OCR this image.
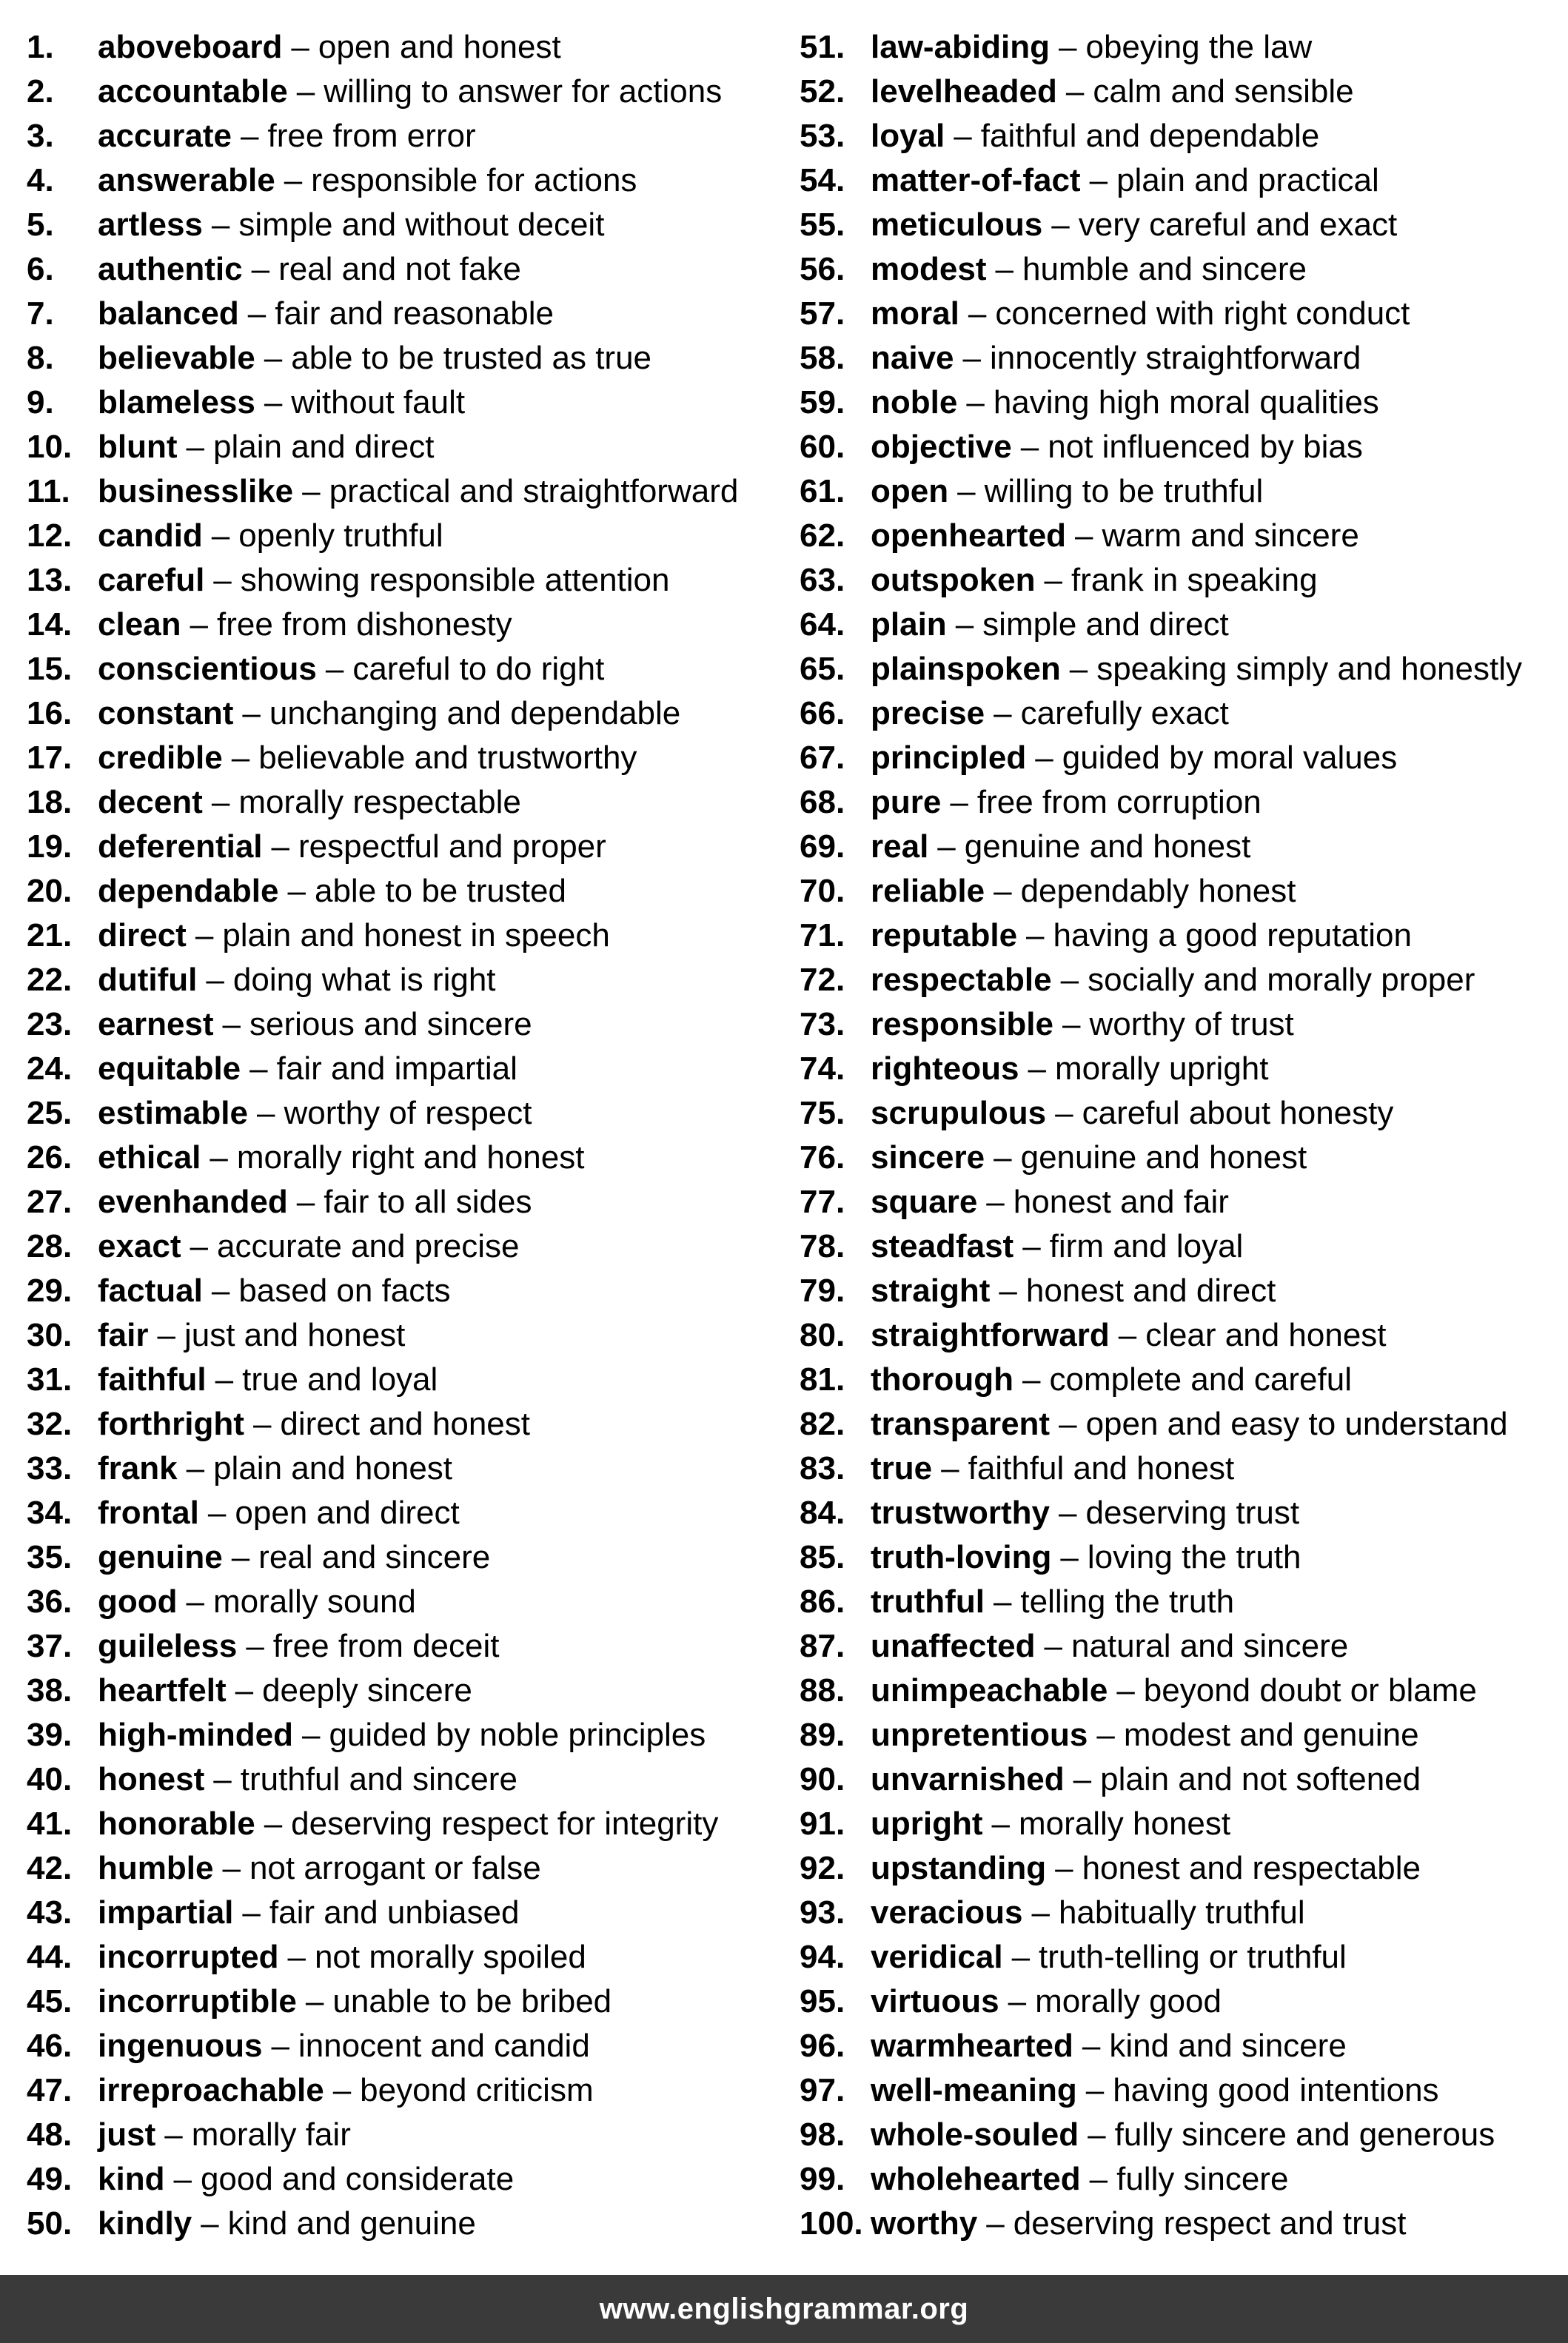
1.	aboveboard – open and honest
2.	accountable – willing to answer for actions
3.	accurate – free from error
4.	answerable – responsible for actions
5.	artless – simple and without deceit
6.	authentic – real and not fake
7.	balanced – fair and reasonable
8.	believable – able to be trusted as true
9.	blameless – without fault
10. blunt – plain and direct
11. businesslike – practical and straightforward
12. candid – openly truthful
13. careful – showing responsible attention
14. clean – free from dishonesty
15. conscientious – careful to do right
16. constant – unchanging and dependable
17. credible – believable and trustworthy
18. decent – morally respectable
19. deferential – respectful and proper
20. dependable – able to be trusted
21. direct – plain and honest in speech
22. dutiful – doing what is right
23. earnest – serious and sincere
24. equitable – fair and impartial
25. estimable – worthy of respect
26. ethical – morally right and honest
27. evenhanded – fair to all sides
28. exact – accurate and precise
29. factual – based on facts
30. fair – just and honest
31. faithful – true and loyal
32. forthright – direct and honest
33. frank – plain and honest
34. frontal – open and direct
35. genuine – real and sincere
36. good – morally sound
37. guileless – free from deceit
38. heartfelt – deeply sincere
39. high-minded – guided by noble principles
40. honest – truthful and sincere
41. honorable – deserving respect for integrity
42. humble – not arrogant or false
43. impartial – fair and unbiased
44. incorrupted – not morally spoiled
45. incorruptible – unable to be bribed
46. ingenuous – innocent and candid
47. irreproachable – beyond criticism
48. just – morally fair
49. kind – good and considerate
50. kindly – kind and genuine
51. law-abiding – obeying the law
52. levelheaded – calm and sensible
53. loyal – faithful and dependable
54. matter-of-fact – plain and practical
55. meticulous – very careful and exact
56. modest – humble and sincere
57. moral – concerned with right conduct
58. naive – innocently straightforward
59. noble – having high moral qualities
60. objective – not influenced by bias
61. open – willing to be truthful
62. openhearted – warm and sincere
63. outspoken – frank in speaking
64. plain – simple and direct
65. plainspoken – speaking simply and honestly
66. precise – carefully exact
67. principled – guided by moral values
68. pure – free from corruption
69. real – genuine and honest
70. reliable – dependably honest
71. reputable – having a good reputation
72. respectable – socially and morally proper
73. responsible – worthy of trust
74. righteous – morally upright
75. scrupulous – careful about honesty
76. sincere – genuine and honest
77. square – honest and fair
78. steadfast – firm and loyal
79. straight – honest and direct
80. straightforward – clear and honest
81. thorough – complete and careful
82. transparent – open and easy to understand
83. true – faithful and honest
84. trustworthy – deserving trust
85. truth-loving – loving the truth
86. truthful – telling the truth
87. unaffected – natural and sincere
88. unimpeachable – beyond doubt or blame
89. unpretentious – modest and genuine
90. unvarnished – plain and not softened
91. upright – morally honest
92. upstanding – honest and respectable
93. veracious – habitually truthful
94. veridical – truth-telling or truthful
95. virtuous – morally good
96. warmhearted – kind and sincere
97. well-meaning – having good intentions
98. whole-souled – fully sincere and generous
99. wholehearted – fully sincere
100. worthy – deserving respect and trust
www.englishgrammar.org
